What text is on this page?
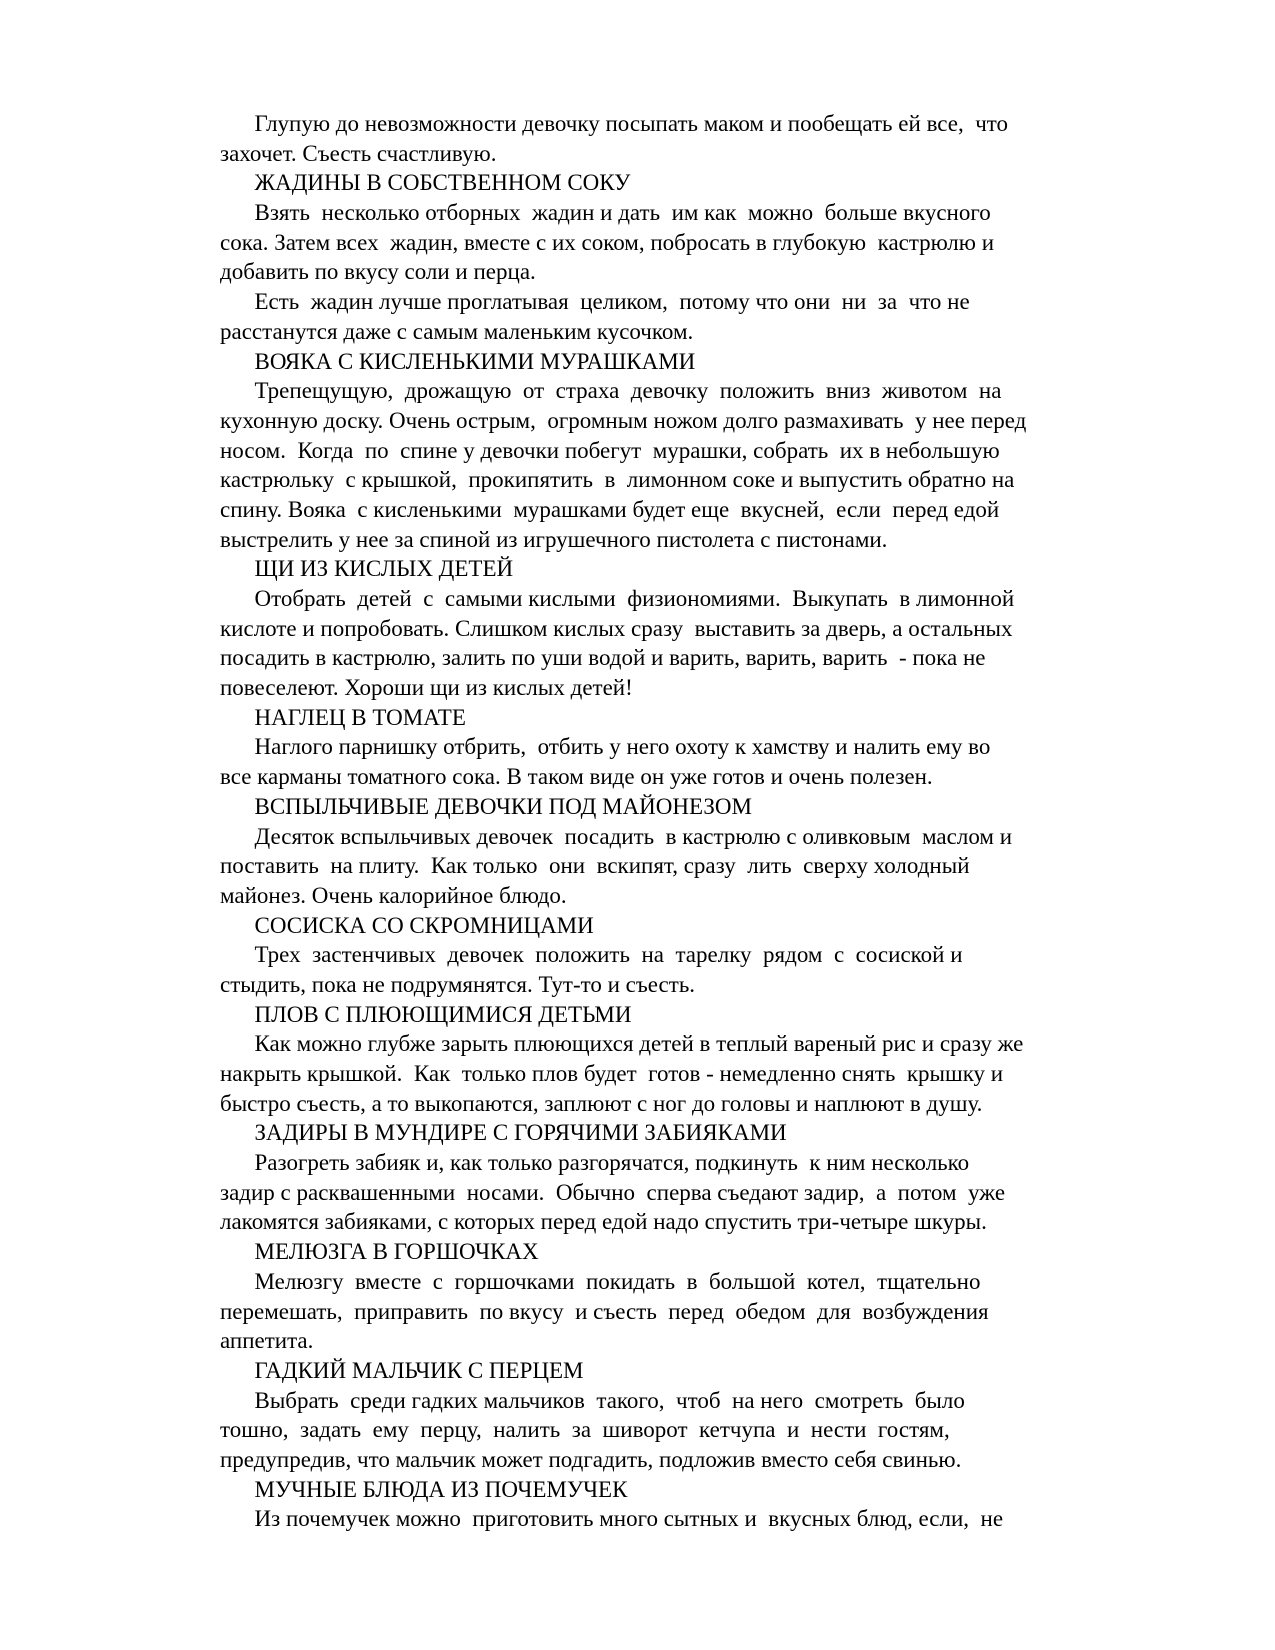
Глупую до невозможности девочку посыпать маком и пообещать ей все,  что
захочет. Съесть счастливую.
ЖАДИНЫ В СОБСТВЕННОМ СОКУ
Взять  несколько отборных  жадин и дать  им как  можно  больше вкусного
сока. Затем всех  жадин, вместе с их соком, побросать в глубокую  кастрюлю и
добавить по вкусу соли и перца.
Есть  жадин лучше проглатывая  целиком,  потому что они  ни  за  что не
расстанутся даже с самым маленьким кусочком.
ВОЯКА С КИСЛЕНЬКИМИ МУРАШКАМИ
Трепещущую,  дрожащую  от  страха  девочку  положить  вниз  животом  на
кухонную доску. Очень острым,  огромным ножом долго размахивать  у нее перед
носом.  Когда  по  спине у девочки побегут  мурашки, собрать  их в небольшую
кастрюльку  с крышкой,  прокипятить  в  лимонном соке и выпустить обратно на
спину. Вояка  с кисленькими  мурашками будет еще  вкусней,  если  перед едой
выстрелить у нее за спиной из игрушечного пистолета с пистонами.
ЩИ ИЗ КИСЛЫХ ДЕТЕЙ
Отобрать  детей  с  самыми кислыми  физиономиями.  Выкупать  в лимонной
кислоте и попробовать. Слишком кислых сразу  выставить за дверь, а остальных
посадить в кастрюлю, залить по уши водой и варить, варить, варить  - пока не
повеселеют. Хороши щи из кислых детей!
НАГЛЕЦ В ТОМАТЕ
Наглого парнишку отбрить,  отбить у него охоту к хамству и налить ему во
все карманы томатного сока. В таком виде он уже готов и очень полезен.
ВСПЫЛЬЧИВЫЕ ДЕВОЧКИ ПОД МАЙОНЕЗОМ
Десяток вспыльчивых девочек  посадить  в кастрюлю с оливковым  маслом и
поставить  на плиту.  Как только  они  вскипят, сразу  лить  сверху холодный
майонез. Очень калорийное блюдо.
СОСИСКА СО СКРОМНИЦАМИ
Трех  застенчивых  девочек  положить  на  тарелку  рядом  с  сосиской и
стыдить, пока не подрумянятся. Тут-то и съесть.
ПЛОВ С ПЛЮЮЩИМИСЯ ДЕТЬМИ
Как можно глубже зарыть плюющихся детей в теплый вареный рис и сразу же
накрыть крышкой.  Как  только плов будет  готов - немедленно снять  крышку и
быстро съесть, а то выкопаются, заплюют с ног до головы и наплюют в душу.
ЗАДИРЫ В МУНДИРЕ С ГОРЯЧИМИ ЗАБИЯКАМИ
Разогреть забияк и, как только разгорячатся, подкинуть  к ним несколько
задир с расквашенными  носами.  Обычно  сперва съедают задир,  а  потом  уже
лакомятся забияками, с которых перед едой надо спустить три-четыре шкуры.
МЕЛЮЗГА В ГОРШОЧКАХ
Мелюзгу  вместе  с  горшочками  покидать  в  большой  котел,  тщательно
перемешать,  приправить  по вкусу  и съесть  перед  обедом  для  возбуждения
аппетита.
ГАДКИЙ МАЛЬЧИК С ПЕРЦЕМ
Выбрать  среди гадких мальчиков  такого,  чтоб  на него  смотреть  было
тошно,  задать  ему  перцу,  налить  за  шиворот  кетчупа  и  нести  гостям,
предупредив, что мальчик может подгадить, подложив вместо себя свинью.
МУЧНЫЕ БЛЮДА ИЗ ПОЧЕМУЧЕК
Из почемучек можно  приготовить много сытных и  вкусных блюд, если,  не
